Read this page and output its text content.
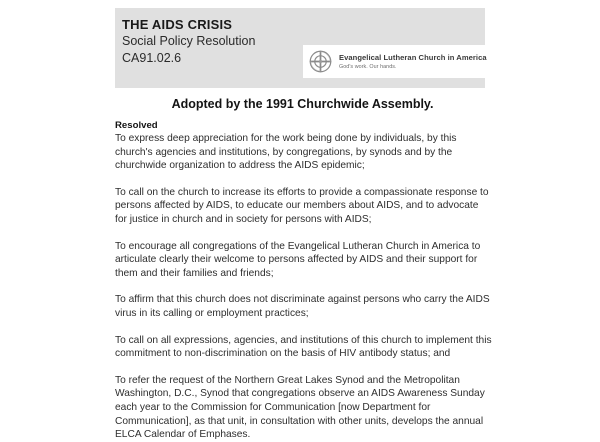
THE AIDS CRISIS
Social Policy Resolution
CA91.02.6	Evangelical Lutheran Church in America
God's work. Our hands.
Adopted by the 1991 Churchwide Assembly.
Resolved

To express deep appreciation for the work being done by individuals, by this church's agencies and institutions, by congregations, by synods and by the churchwide organization to address the AIDS epidemic;

To call on the church to increase its efforts to provide a compassionate response to persons affected by AIDS, to educate our members about AIDS, and to advocate for justice in church and in society for persons with AIDS;

To encourage all congregations of the Evangelical Lutheran Church in America to articulate clearly their welcome to persons affected by AIDS and their support for them and their families and friends;

To affirm that this church does not discriminate against persons who carry the AIDS virus in its calling or employment practices;

To call on all expressions, agencies, and institutions of this church to implement this commitment to non-discrimination on the basis of HIV antibody status; and

To refer the request of the Northern Great Lakes Synod and the Metropolitan Washington, D.C., Synod that congregations observe an AIDS Awareness Sunday each year to the Commission for Communication [now Department for Communication], as that unit, in consultation with other units, develops the annual ELCA Calendar of Emphases.
